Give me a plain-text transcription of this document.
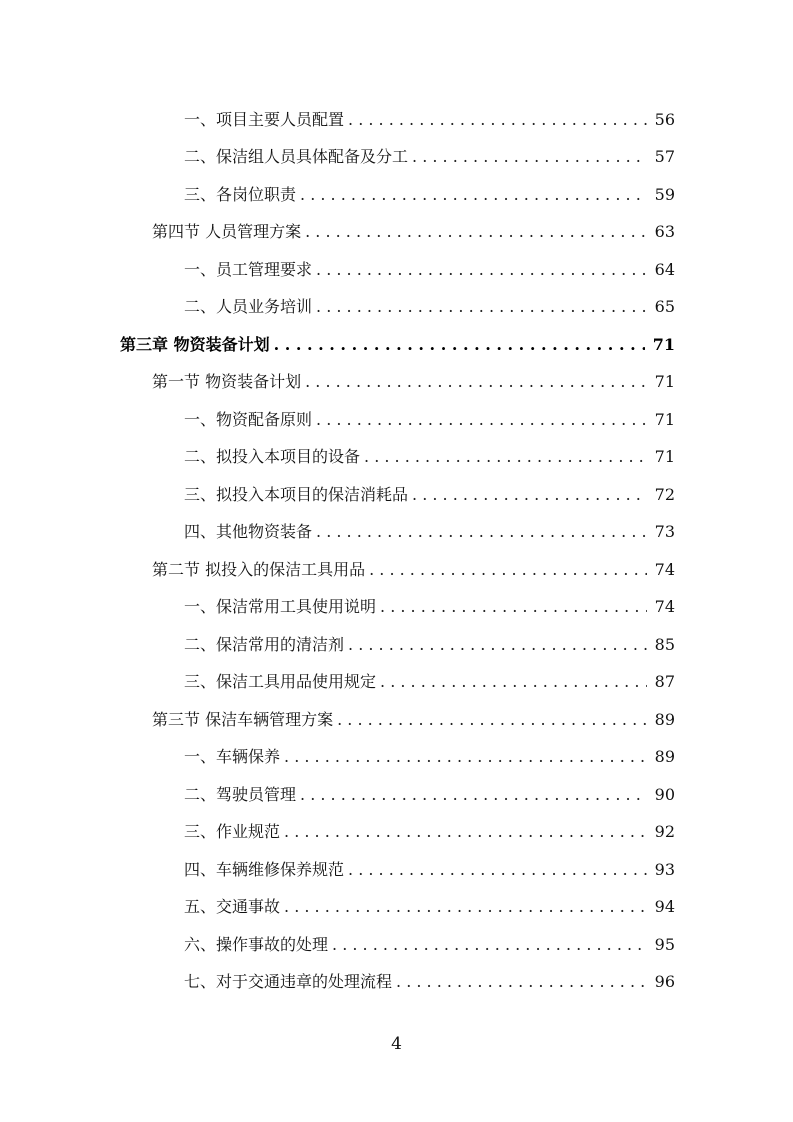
一、项目主要人员配置 . . .	56
二、保洁组人员具体配备及分工 . . .	57
三、各岗位职责 . . .	59
第四节 人员管理方案 . . .	63
一、员工管理要求 . . .	64
二、人员业务培训 . . .	65
第三章 物资装备计划 . . .	71
第一节 物资装备计划 . . .	71
一、物资配备原则 . . .	71
二、拟投入本项目的设备 . . .	71
三、拟投入本项目的保洁消耗品 . . .	72
四、其他物资装备 . . .	73
第二节 拟投入的保洁工具用品 . . .	74
一、保洁常用工具使用说明 . . .	74
二、保洁常用的清洁剂 . . .	85
三、保洁工具用品使用规定 . . .	87
第三节 保洁车辆管理方案 . . .	89
一、车辆保养 . . .	89
二、驾驶员管理 . . .	90
三、作业规范 . . .	92
四、车辆维修保养规范 . . .	93
五、交通事故 . . .	94
六、操作事故的处理 . . .	95
七、对于交通违章的处理流程 . . .	96
4
